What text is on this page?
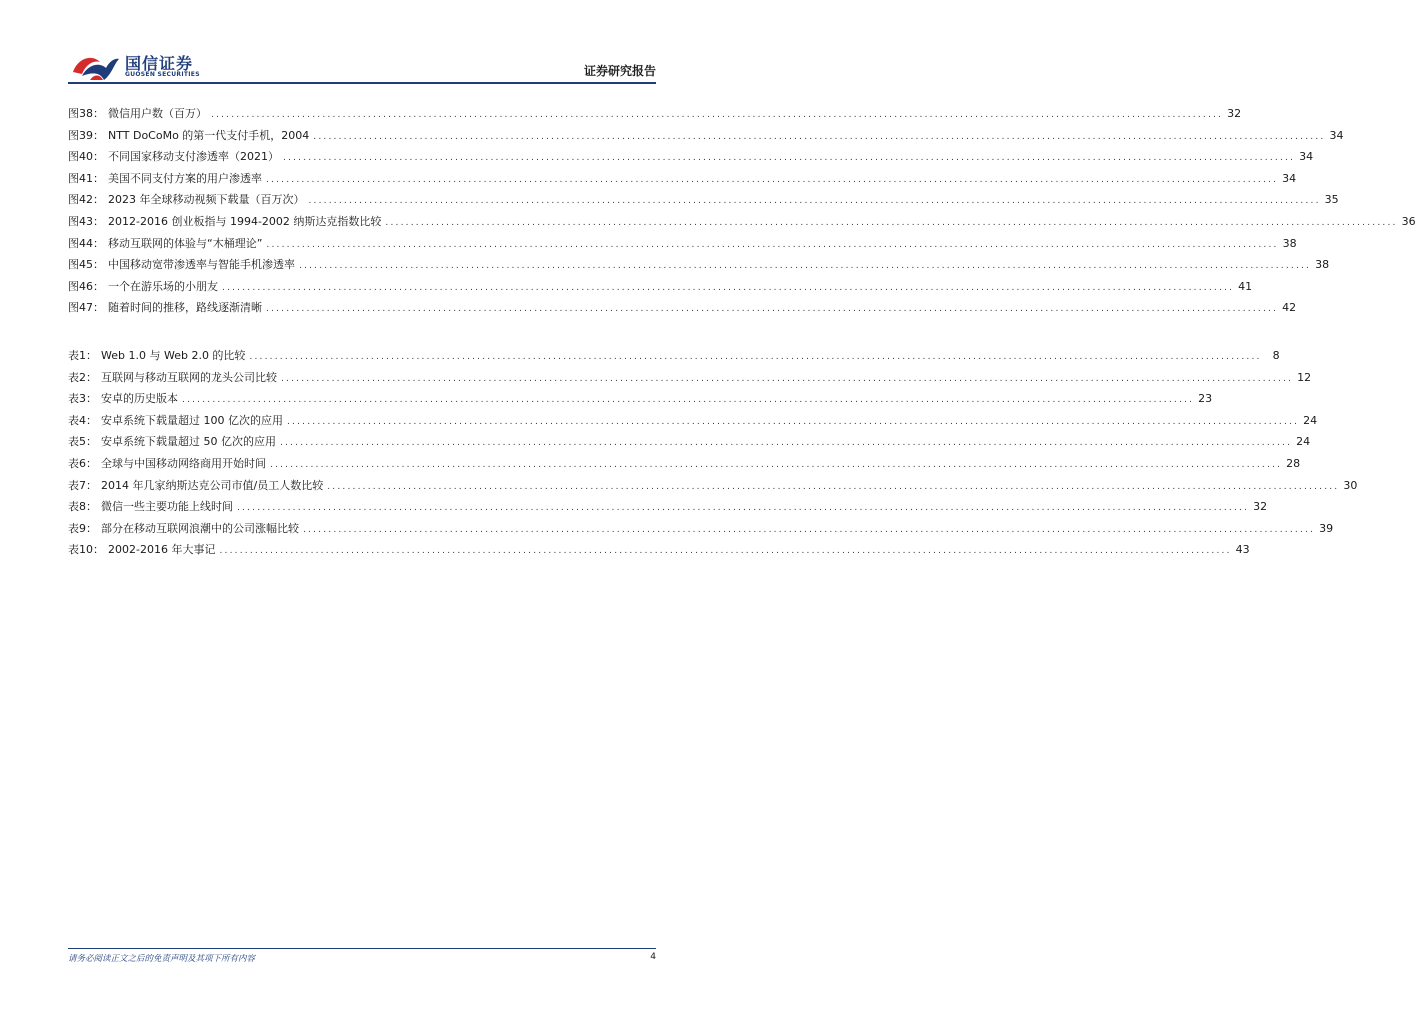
国信证券
GUOSEN SECURITIES	证券研究报告
图38： 微信用户数（百万） ........................................................................................................................................................................................................ 32
图39： NTT DoCoMo 的第一代支付手机，2004 ........................................................................................................................................................................................................ 34
图40： 不同国家移动支付渗透率（2021） ........................................................................................................................................................................................................ 34
图41： 美国不同支付方案的用户渗透率 ........................................................................................................................................................................................................ 34
图42： 2023 年全球移动视频下载量（百万次） ........................................................................................................................................................................................................ 35
图43： 2012-2016 创业板指与 1994-2002 纳斯达克指数比较 ........................................................................................................................................................................................................ 36
图44： 移动互联网的体验与“木桶理论” ........................................................................................................................................................................................................ 38
图45： 中国移动宽带渗透率与智能手机渗透率 ........................................................................................................................................................................................................ 38
图46： 一个在游乐场的小朋友 ........................................................................................................................................................................................................ 41
图47： 随着时间的推移，路线逐渐清晰 ........................................................................................................................................................................................................ 42
表1： Web 1.0 与 Web 2.0 的比较 ........................................................................................................................................................................................................	8
表2： 互联网与移动互联网的龙头公司比较 ........................................................................................................................................................................................................ 12
表3： 安卓的历史版本 ........................................................................................................................................................................................................ 23
表4： 安卓系统下载量超过 100 亿次的应用 ........................................................................................................................................................................................................ 24
表5： 安卓系统下载量超过 50 亿次的应用 ........................................................................................................................................................................................................ 24
表6： 全球与中国移动网络商用开始时间 ........................................................................................................................................................................................................ 28
表7： 2014 年几家纳斯达克公司市值/员工人数比较 ........................................................................................................................................................................................................ 30
表8： 微信一些主要功能上线时间 ........................................................................................................................................................................................................ 32
表9： 部分在移动互联网浪潮中的公司涨幅比较 ........................................................................................................................................................................................................ 39
表10： 2002-2016 年大事记 ........................................................................................................................................................................................................ 43
请务必阅读正文之后的免责声明及其项下所有内容	4
